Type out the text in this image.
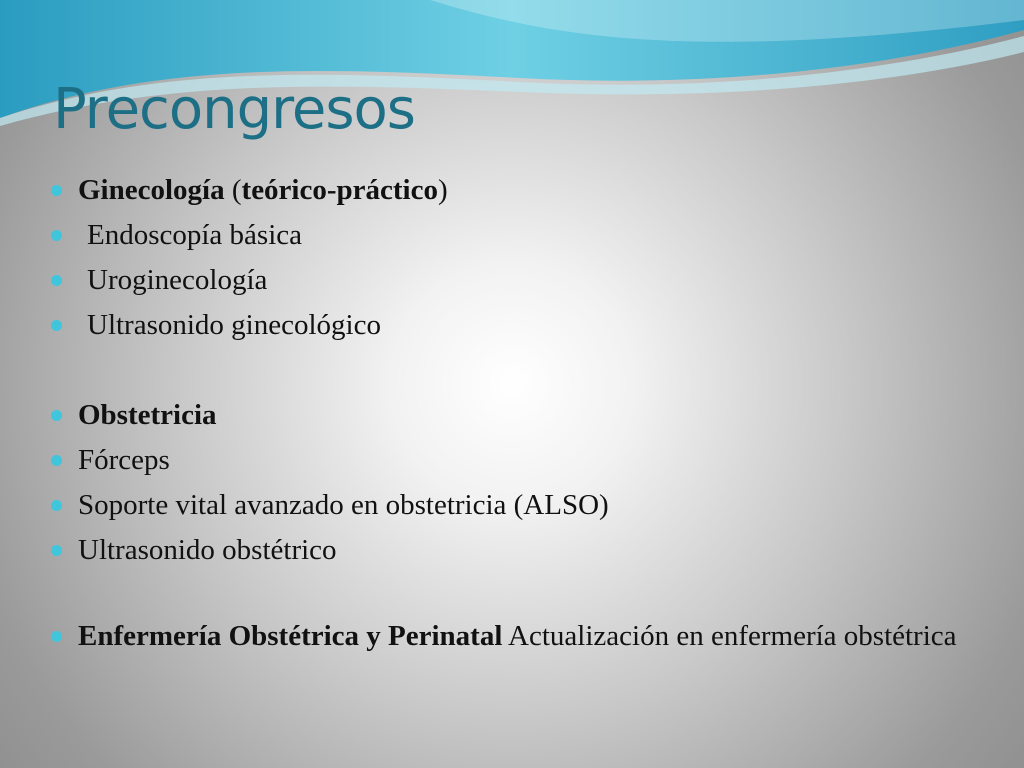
Precongresos
Ginecología (teórico-práctico)
Endoscopía básica
Uroginecología
Ultrasonido ginecológico
Obstetricia
Fórceps
Soporte vital avanzado en obstetricia (ALSO)
Ultrasonido obstétrico
Enfermería Obstétrica y Perinatal Actualización en enfermería obstétrica
